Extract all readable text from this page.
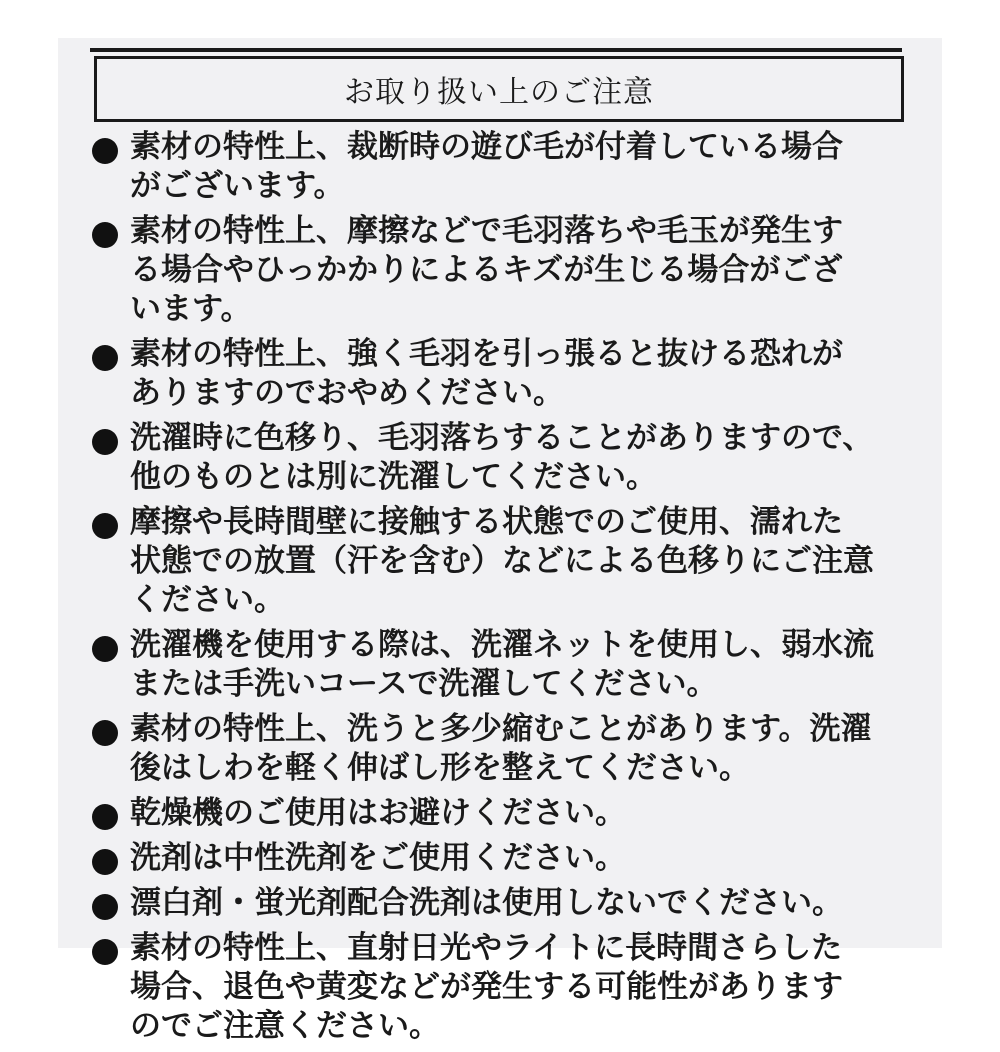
お取り扱い上のご注意
素材の特性上、裁断時の遊び毛が付着している場合
がございます。
素材の特性上、摩擦などで毛羽落ちや毛玉が発生す
る場合やひっかかりによるキズが生じる場合がござ
います。
素材の特性上、強く毛羽を引っ張ると抜ける恐れが
ありますのでおやめください。
洗濯時に色移り、毛羽落ちすることがありますので、
他のものとは別に洗濯してください。
摩擦や長時間壁に接触する状態でのご使用、濡れた
状態での放置（汗を含む）などによる色移りにご注意
ください。
洗濯機を使用する際は、洗濯ネットを使用し、弱水流
または手洗いコースで洗濯してください。
素材の特性上、洗うと多少縮むことがあります。洗濯
後はしわを軽く伸ばし形を整えてください。
乾燥機のご使用はお避けください。
洗剤は中性洗剤をご使用ください。
漂白剤・蛍光剤配合洗剤は使用しないでください。
素材の特性上、直射日光やライトに長時間さらした
場合、退色や黄変などが発生する可能性があります
のでご注意ください。
